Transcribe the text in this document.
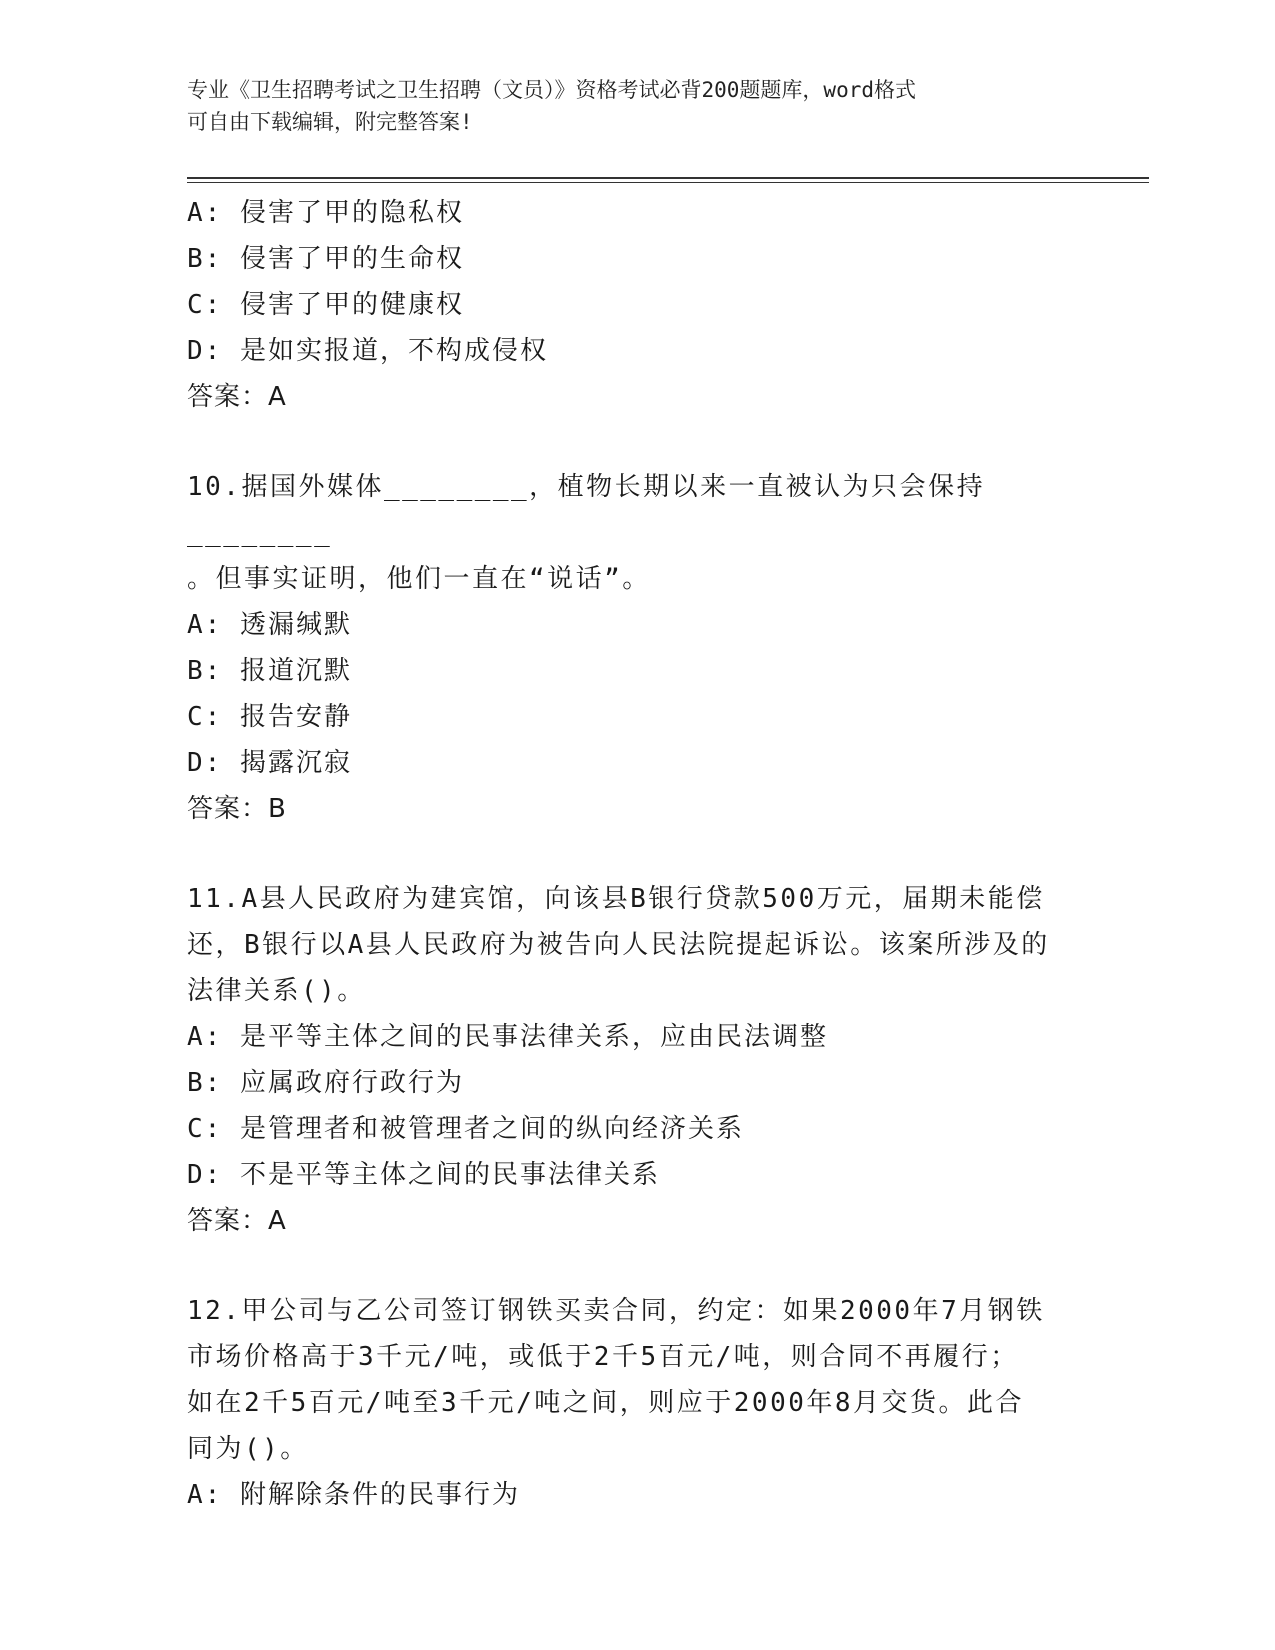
专业《卫生招聘考试之卫生招聘（文员）》资格考试必背200题题库，word格式
可自由下载编辑，附完整答案!
A: 侵害了甲的隐私权
B: 侵害了甲的生命权
C: 侵害了甲的健康权
D: 是如实报道，不构成侵权
答案：A
10.据国外媒体________，植物长期以来一直被认为只会保持________
。但事实证明，他们一直在“说话”。
A: 透漏缄默
B: 报道沉默
C: 报告安静
D: 揭露沉寂
答案：B
11.A县人民政府为建宾馆，向该县B银行贷款500万元，届期未能偿
还，B银行以A县人民政府为被告向人民法院提起诉讼。该案所涉及的
法律关系()。
A: 是平等主体之间的民事法律关系，应由民法调整
B: 应属政府行政行为
C: 是管理者和被管理者之间的纵向经济关系
D: 不是平等主体之间的民事法律关系
答案：A
12.甲公司与乙公司签订钢铁买卖合同，约定：如果2000年7月钢铁
市场价格高于3千元/吨，或低于2千5百元/吨，则合同不再履行；
如在2千5百元/吨至3千元/吨之间，则应于2000年8月交货。此合
同为()。
A: 附解除条件的民事行为
